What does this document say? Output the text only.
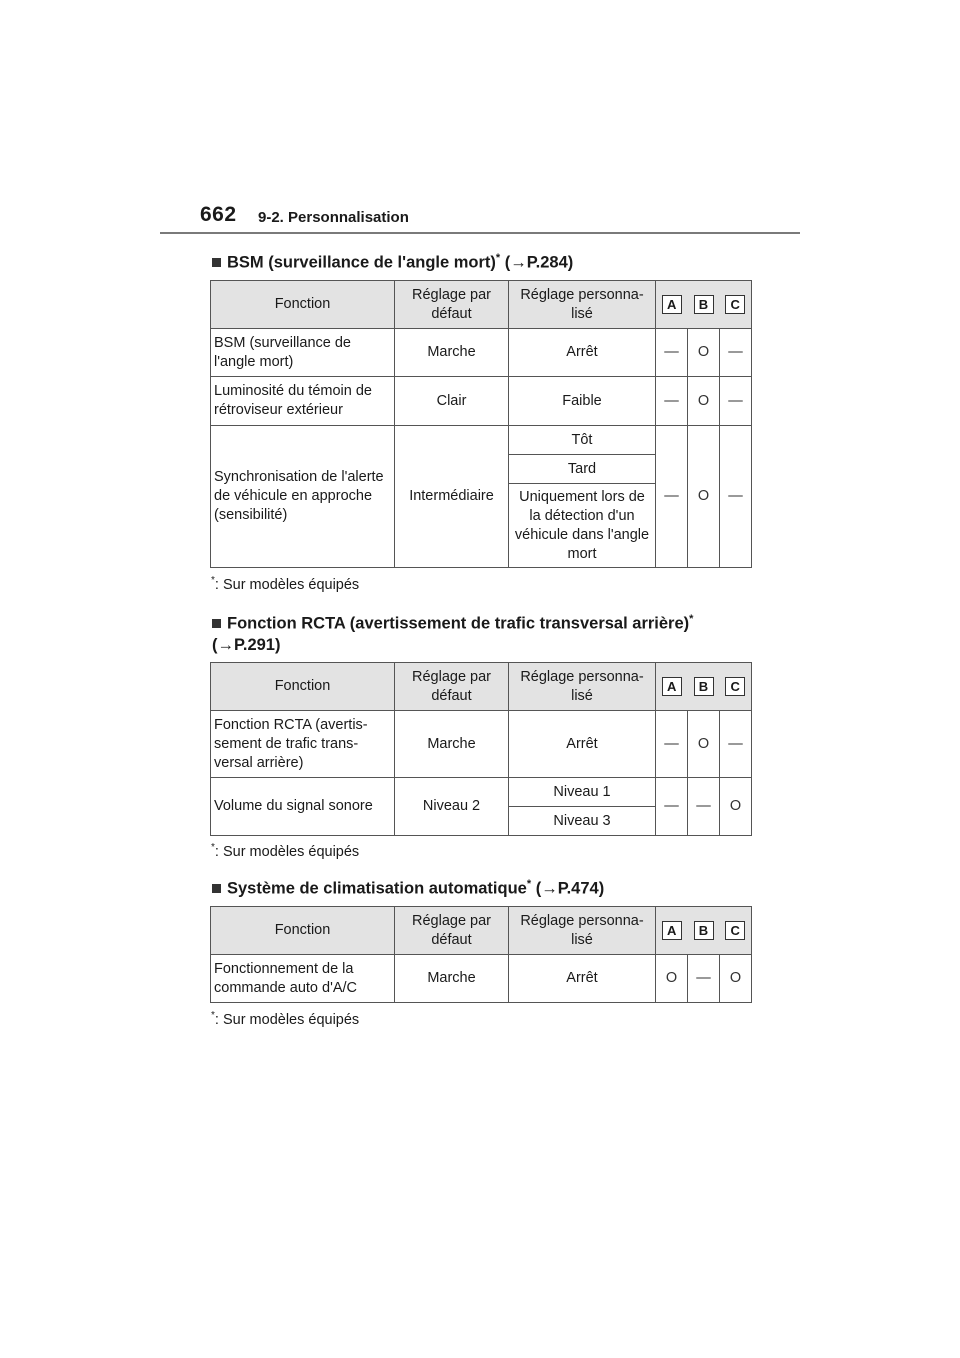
662 9-2. Personnalisation
BSM (surveillance de l'angle mort)* (→P.284)
Fonction	Réglage par défaut	Réglage personna-lisé	A	B	C
BSM (surveillance de l'angle mort)	Marche	Arrêt	—	O	—
Luminosité du témoin de rétroviseur extérieur	Clair	Faible	—	O	—
Synchronisation de l'alerte de véhicule en approche (sensibilité)	Intermédiaire	Tôt	—	O	—
		Tard			
		Uniquement lors de la détection d'un véhicule dans l'angle mort			
*: Sur modèles équipés
Fonction RCTA (avertissement de trafic transversal arrière)*
(→P.291)
Fonction	Réglage par défaut	Réglage personna-lisé	A	B	C
Fonction RCTA (avertis-sement de trafic trans-versal arrière)	Marche	Arrêt	—	O	—
Volume du signal sonore	Niveau 2	Niveau 1	—	—	O
		Niveau 3			
*: Sur modèles équipés
Système de climatisation automatique* (→P.474)
Fonction	Réglage par défaut	Réglage personna-lisé	A	B	C
Fonctionnement de la commande auto d'A/C	Marche	Arrêt	O	—	O
*: Sur modèles équipés
